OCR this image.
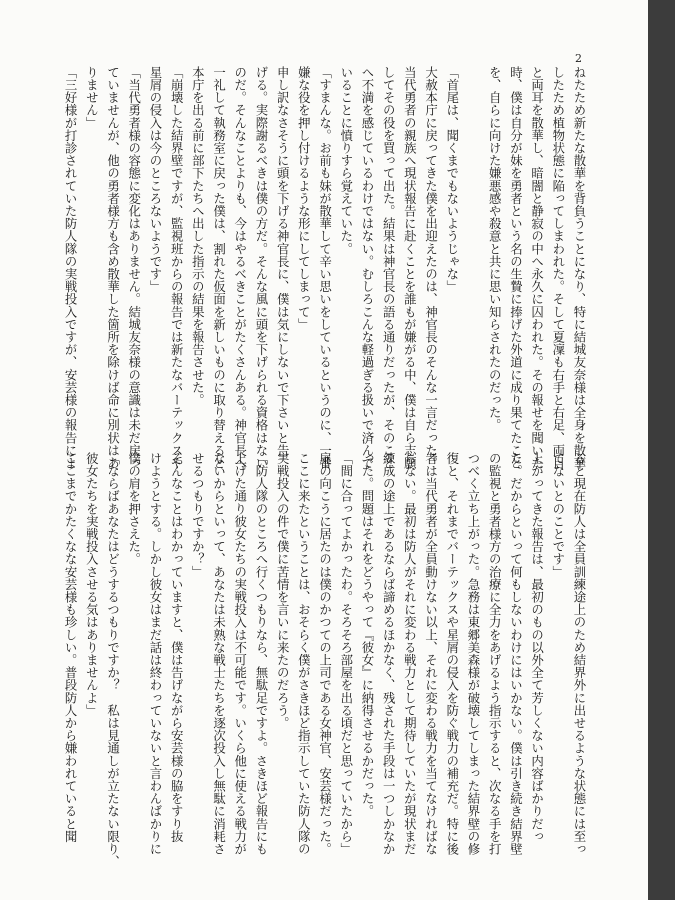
2
ねたため新たな散華を背負うことになり、特に結城友奈様は全身を散華
したため植物状態に陥ってしまわれた。そして夏凜も右手と右足、両目
と両耳を散華し、暗闇と静寂の中へ永久に囚われた。その報せを聞いた
時、僕は自分が妹を勇者という名の生贄に捧げた外道に成り果てたこと
を、自らに向けた嫌悪感や殺意と共に思い知らされたのだった。

「首尾は、聞くまでもないようじゃな」
大赦本庁に戻ってきた僕を出迎えたのは、神官長のそんな一言だった。
当代勇者の親族へ現状報告に赴くことを誰もが嫌がる中、僕は自ら志願
してその役を買って出た。結果は神官長の語る通りだったが、そのこと
へ不満を感じているわけではない。むしろこんな軽過ぎる扱いで済んで
いることに憤りすら覚えていた。
「すまんな。お前も妹が散華して辛い思いをしているというのに、一番
嫌な役を押し付けるような形にしてしまって」
申し訳なさそうに頭を下げる神官長に、僕は気にしないで下さいと告
げる。実際謝るべきは僕の方だ。そんな風に頭を下げられる資格はない
のだ。そんなことよりも、今はやるべきことがたくさんある。神官長へ
一礼して執務室に戻った僕は、割れた仮面を新しいものに取り替えると
本庁を出る前に部下たちへ出した指示の結果を報告させた。
「崩壊した結界壁ですが、監視班からの報告では新たなバーテックスや
星屑の侵入は今のところないようです」
「当代勇者様の容態に変化はありません。結城友奈様の意識は未だ戻っ
ていませんが、他の勇者様方も含め散華した箇所を除けば命に別状はあ
りません」
「三好様が打診されていた防人隊の実戦投入ですが、安芸様の報告によ
ると現在防人は全員訓練途上のため結界外に出せるような状態には至っ
てないとのことです」
上がってきた報告は、最初のもの以外全て芳しくない内容ばかりだっ
た。だからといって何もしないわけにはいかない。僕は引き続き結界壁
の監視と勇者様方の治療に全力をあげるよう指示すると、次なる手を打
つべく立ち上がった。急務は東郷美森様が破壊してしまった結界壁の修
復と、それまでバーテックスや星屑の侵入を防ぐ戦力の補充だ。特に後
者は当代勇者が全員動けない以上、それに変わる戦力を当てなければな
らない。最初は防人がそれに変わる戦力として期待していたが現状まだ
練成の途上であるならば諦めるほかなく、残された手段は一つしかなか
った。問題はそれをどうやって『彼女』に納得させるかだった。
「間に合ってよかったわ。そろそろ部屋を出る頃だと思っていたから」
扉の向こうに居たのは僕のかつての上司である女神官、安芸様だった。
ここに来たということは、おそらく僕がさきほど指示していた防人隊の
実戦投入の件で僕に苦情を言いに来たのだろう。
「防人隊のところへ行くつもりなら、無駄足ですよ。さきほど報告にも
上げた通り彼女たちの実戦投入は不可能です。いくら他に使える戦力が
ないからといって、あなたは未熟な戦士たちを逐次投入し無駄に消耗さ
せるつもりですか？」
そんなことはわかっていますと、僕は告げながら安芸様の脇をすり抜
けようとする。しかし彼女はまだ話は終わっていないと言わんばかりに
僕の肩を押さえた。
「ならばあなたはどうするつもりですか？　私は見通しが立たない限り、
彼女たちを実戦投入させる気はありませんよ」
ここまでかたくなな安芸様も珍しい。普段防人から嫌われていると聞
